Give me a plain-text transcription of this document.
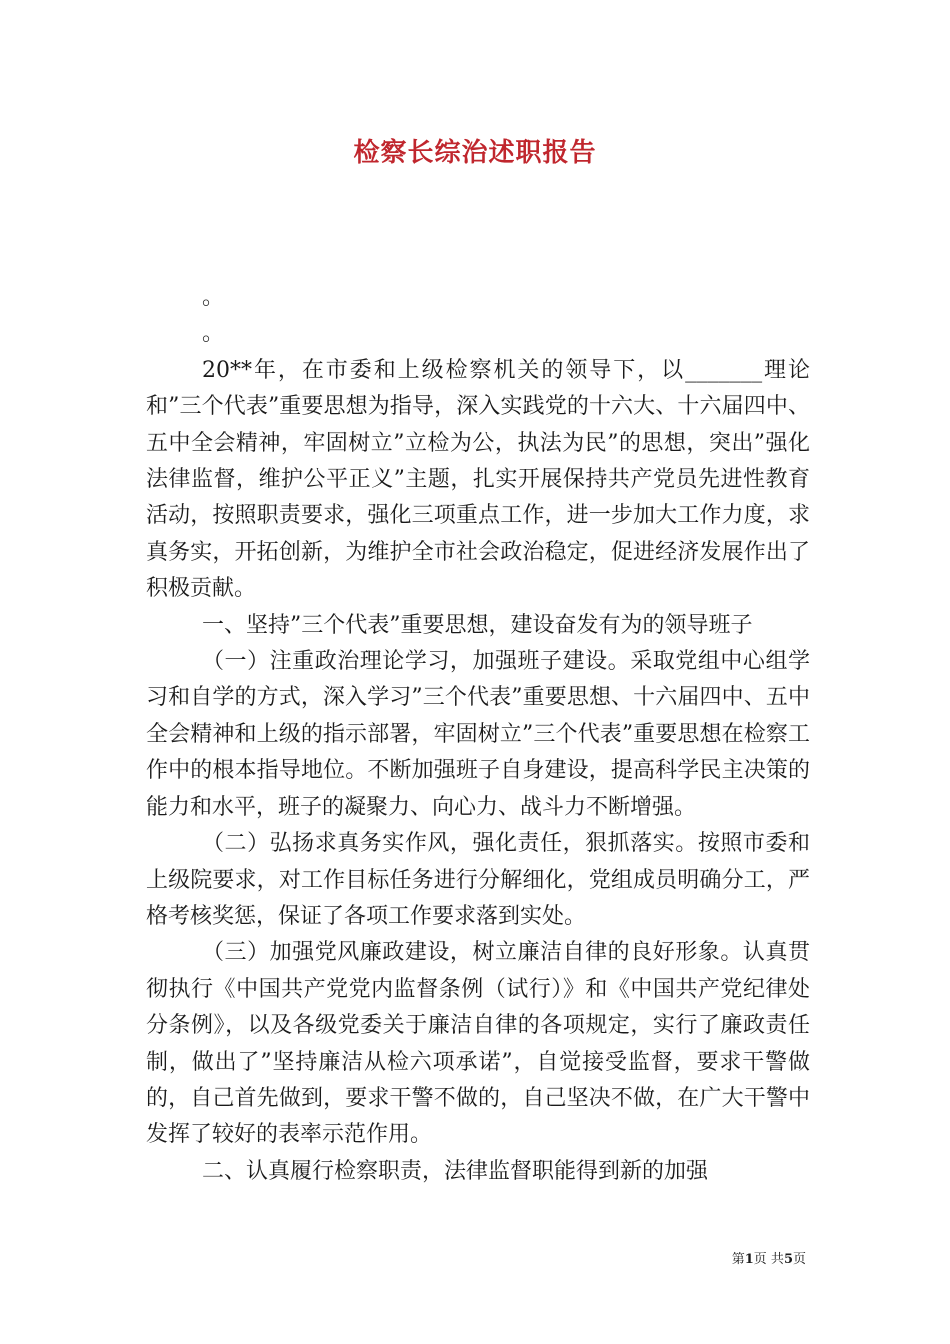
检察长综治述职报告

。

。

20**年，在市委和上级检察机关的领导下，以_______理论和”三个代表”重要思想为指导，深入实践党的十六大、十六届四中、五中全会精神，牢固树立”立检为公，执法为民”的思想，突出”强化法律监督，维护公平正义”主题，扎实开展保持共产党员先进性教育活动，按照职责要求，强化三项重点工作，进一步加大工作力度，求真务实，开拓创新，为维护全市社会政治稳定，促进经济发展作出了积极贡献。

一、坚持”三个代表”重要思想，建设奋发有为的领导班子

（一）注重政治理论学习，加强班子建设。采取党组中心组学习和自学的方式，深入学习”三个代表”重要思想、十六届四中、五中全会精神和上级的指示部署，牢固树立”三个代表”重要思想在检察工作中的根本指导地位。不断加强班子自身建设，提高科学民主决策的能力和水平，班子的凝聚力、向心力、战斗力不断增强。

（二）弘扬求真务实作风，强化责任，狠抓落实。按照市委和上级院要求，对工作目标任务进行分解细化，党组成员明确分工，严格考核奖惩，保证了各项工作要求落到实处。

（三）加强党风廉政建设，树立廉洁自律的良好形象。认真贯彻执行《中国共产党党内监督条例（试行）》和《中国共产党纪律处分条例》，以及各级党委关于廉洁自律的各项规定，实行了廉政责任制，做出了”坚持廉洁从检六项承诺”，自觉接受监督，要求干警做的，自己首先做到，要求干警不做的，自己坚决不做，在广大干警中发挥了较好的表率示范作用。

二、认真履行检察职责，法律监督职能得到新的加强

第1页 共5页
